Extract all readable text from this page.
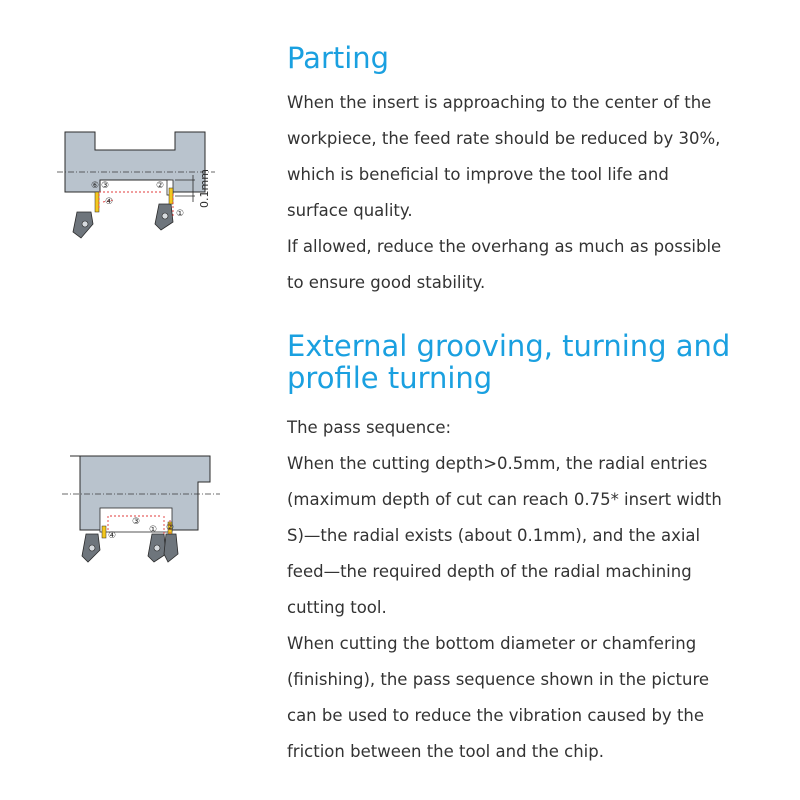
Parting
When the insert is approaching to the center of the
workpiece, the feed rate should be reduced by 30%,
which is beneficial to improve the tool life and
surface quality.
If allowed, reduce the overhang as much as possible
to ensure good stability.
0.1mm
⑥ ③
④
②
①
External grooving, turning and
profile turning
The pass sequence:
When the cutting depth>0.5mm, the radial entries
(maximum depth of cut can reach 0.75* insert width
S)—the radial exists (about 0.1mm), and the axial
feed—the required depth of the radial machining
cutting tool.
When cutting the bottom diameter or chamfering
(finishing), the pass sequence shown in the picture
can be used to reduce the vibration caused by the
friction between the tool and the chip.
④
③
① ②
